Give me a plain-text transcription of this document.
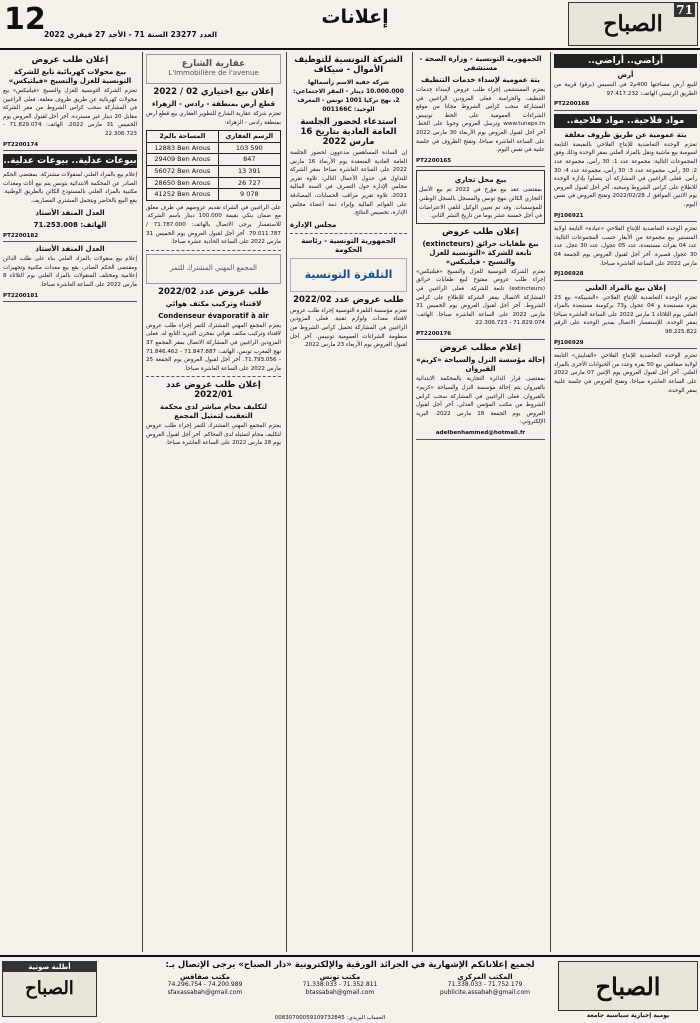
12
العدد 23277 السنة 71 - الأحد 27 فيفري 2022
إعلانات	71
الصباح
أراضي.. أراضي..
أرض

للبيع أرض مساحتها 400م2 في البسيس (برقو) قريبة من الطريق الرئيسي الهاتف: 97.417.232

PT2200168
مواد فلاحية.. مواد فلاحية..
بتة عمومية عن طريق ظروف مغلقة

تعتزم الوحدة التعاضدية للإنتاج الفلاحي بالنفيضة التابعة لسوسة بيع ماشية ونقل بالمزاد العلني بمقر الوحدة وذلك وفق المجموعات التالية: مجموعة عدد 1: 30 رأس، مجموعة عدد 2: 30 رأس، مجموعة عدد 3: 30 رأس، مجموعة عدد 4: 30 رأس. فعلى الراغبين في المشاركة أن يتصلوا بإدارة الوحدة للاطلاع على كراس الشروط وسحبه. آخر أجل لقبول العروض يوم الاثنين الموافق لـ 2022/02/28 وتفتح العروض في نفس اليوم.

PJ106921

تعتزم الوحدة التعاضدية للإنتاج الفلاحي «عيادة» التابعة لولاية المنستير بيع مجموعة من الأبقار حسب المجموعات التالية: عدد 04 بقرات مستبعدة، عدد 05 عجول، عدد 30 عجل، عدد 30 عجول قصيرة. آخر أجل لقبول العروض يوم الجمعة 04 مارس 2022 على الساعة العاشرة صباحا.

PJ106928
إعلان بيع بالمزاد العلني

تعتزم الوحدة التعاضدية للإنتاج الفلاحي «الشبيكة» بيع 23 بقرة مستبعدة و 04 عجول و73 بركوسة مستبعدة بالمزاد العلني يوم الثلاثاء 1 مارس 2022 على الساعة العاشرة صباحا بمقر الوحدة. للإستفسار الاتصال بمدير الوحدة على الرقم 98.225.822

PJ106929

تعتزم الوحدة التعاضدية للإنتاج الفلاحي «القنايش» التابعة لولاية صفاقس بيع 50 بقرة وعدد من الحيوانات الأخرى بالمزاد العلني. آخر أجل لقبول العروض يوم الإثنين 07 مارس 2022 على الساعة العاشرة صباحا، وتفتح العروض في جلسة علنية بمقر الوحدة.

الجمهورية التونسية - وزارة الصحة - مستشفى
بتة عمومية لإسداء خدمات التنظيف

يعتزم المستشفى إجراء طلب عروض لإسداء خدمات التنظيف والحراسة. فعلى المزودين الراغبين في المشاركة سحب كراس الشروط مجانا من موقع الشراءات العمومية على الخط تونيبس www.tuneps.tn وترسل العروض وجوبا على الخط. آخر أجل لقبول العروض يوم الأربعاء 30 مارس 2022 على الساعة العاشرة صباحا، وتفتح الظروف في جلسة علنية في نفس اليوم.

PT2200165
بيع محل تجاري

بمقتضى عقد بيع مؤرخ في 2022 تم بيع الأصل التجاري الكائن بنهج تونس والمسجل بالسجل الوطني للمؤسسات. وقد تم تعيين الوكيل لتلقي الاعتراضات في أجل خمسة عشر يوما من تاريخ النشر الثاني.

إعلان طلب عروض
بيع طفايات حرائق (extincteurs) تابعة للشركة «التونسية للغزل والنسيج - فيلتيكس»

تعتزم الشركة التونسية للغزل والنسيج «فيلتيكس» إجراء طلب عروض مفتوح لبيع طفايات حرائق (extincteurs) تابعة للشركة. فعلى الراغبين في المشاركة الاتصال بمقر الشركة للإطلاع على كراس الشروط. آخر أجل لقبول العروض يوم الخميس 31 مارس 2022 على الساعة العاشرة صباحا. الهاتف: 71.829.074 - 22.306.723

PT2200176
إعلام مطلب عروض
إحالة مؤسسة النزل والسياحة «كريم» القيروان

بمقتضى قرار الدائرة التجارية بالمحكمة الابتدائية بالقيروان يتم إحالة مؤسسة النزل والسياحة «كريم» بالقيروان. فعلى الراغبين في المشاركة سحب كراس الشروط من مكتب المؤتمن العدلي. آخر أجل لقبول العروض يوم الجمعة 18 مارس 2022. البريد الإلكتروني:

adelbenhammed@hotmail.fr
الشركة التونسية للتوظيف الأموال - سيكاف
شركة خفية الاسم رأسمالها 10.000.000 دينار - المقر الاجتماعي: 2، نهج تركيا 1001 تونس - المعرف الوحيد: 001166C
استدعاء لحضور الجلسة العامة العادية بتاريخ 16 مارس 2022

إن السادة المساهمين مدعوون لحضور الجلسة العامة العادية المنعقدة يوم الأربعاء 16 مارس 2022 على الساعة العاشرة صباحا بمقر الشركة للتداول في جدول الأعمال التالي: تلاوة تقرير مجلس الإدارة حول التصرف في السنة المالية 2021، تلاوة تقرير مراقب الحسابات، المصادقة على القوائم المالية وإبراء ذمة أعضاء مجلس الإدارة، تخصيص النتائج.

مجلس الإدارة
الجمهورية التونسية - رئاسة الحكومة
التلفزة التونسية
طلب عروض عدد 2022/02

تعتزم مؤسسة التلفزة التونسية إجراء طلب عروض لاقتناء معدات ولوازم تقنية. فعلى المزودين الراغبين في المشاركة تحميل كراس الشروط من منظومة الشراءات العمومية تونيبس. آخر أجل لقبول العروض يوم الأربعاء 23 مارس 2022.

عقارية الشارع
L'Immobilière de l'avenue
إعلان بيع اختياري 02 / 2022
قطع أرض بمنطقة - رادس - الزهراء

تعتزم شركة عقارية الشارع للتطوير العقاري بيع قطع أرض بمنطقة رادس - الزهراء:

المساحة بالم2	الرسم العقاري
12883 Ben Arous	103 590
29409 Ben Arous	847
56072 Ben Arous	13 391
28650 Ben Arous	26 727
41252 Ben Arous	9 078

على الراغبين في الشراء تقديم عروضهم في ظرف مغلق مع ضمان بنكي بقيمة 100.000 دينار باسم الشركة. للاستفسار يرجى الاتصال بالهاتف: 71.787.000 / 70.011.787. آخر أجل لقبول العروض يوم الخميس 31 مارس 2022 على الساعة الحادية عشرة صباحا.

المجمع المهني المشترك للتمر
طلب عروض عدد 2022/02
لاقتناء وتركيب مكثف هوائي
Condenseur évaporatif à air

يعتزم المجمع المهني المشترك للتمر إجراء طلب عروض لاقتناء وتركيب مكثف هوائي بمخزن التبريد التابع له. فعلى المزودين الراغبين في المشاركة الاتصال بمقر المجمع 37 نهج المغرب تونس، الهاتف: 71.847.887 - 71.846.462 - 71.793.056. آخر أجل لقبول العروض يوم الجمعة 25 مارس 2022 على الساعة العاشرة صباحا.

إعلان طلب عروض عدد 2022/01
لتكليف محام مباشر لدى محكمة التعقيب لتمثيل المجمع

يعتزم المجمع المهني المشترك للتمر إجراء طلب عروض لتكليف محام لتمثيله لدى المحاكم. آخر أجل لقبول العروض يوم 28 مارس 2022 على الساعة العاشرة صباحا.

إعلان طلب عروض
بيع محولات كهربائية تابع للشركة التونسية للغزل والنسيج «فيلتيكس»

تعتزم الشركة التونسية للغزل والنسيج «فيلتيكس» بيع محولات كهربائية عن طريق ظروف مغلقة. فعلى الراغبين في المشاركة سحب كراس الشروط من مقر الشركة مقابل 20 دينار غير مستردة. آخر أجل لقبول العروض يوم الخميس 31 مارس 2022. الهاتف: 71.829.074 - 22.306.723

PT2200174
بيوعات عدلية.. بيوعات عدلية..

إعلام بيع بالمزاد العلني لمنقولات مشتركة. بمقتضى الحكم الصادر عن المحكمة الابتدائية بتونس يتم بيع أثاث ومعدات مكتبية بالمزاد العلني بالمستودع الكائن بالطريق الوطنية. يقع البيع بالحاضر ويتحمل المشتري المصاريف.

العدل المنفذ الأستاذ
الهاتف: 71.253.008
PT2200182
العدل المنفذ الأستاذ

إعلام بيع منقولات بالمزاد العلني بناء على طلب الدائن ومقتضى الحكم الصادر، يقع بيع معدات مكتبية وتجهيزات إعلامية ومختلف المنقولات بالمزاد العلني يوم الثلاثاء 8 مارس 2022 على الساعة العاشرة صباحا.

PT2200181
لجميع إعلاناتكم الإشهارية في الجرائد الورقية والإلكترونية «دار الصباح» يرجى الإتصال بـ:
الصباح
يومية إخبارية سياسية جامعة
المكتب المركزي
71.752.179 - 71.338.033
publicite.assabah@gmail.com
مكتب تونس
71.352.811 - 71.338.033
btassabah@gmail.com
مكتب صفاقس
74.200.989 - 74.296.754
sfaxassabah@gmail.com
أطلبة صوتية
الصباح
الحساب البريدي: 00830700059109732845
